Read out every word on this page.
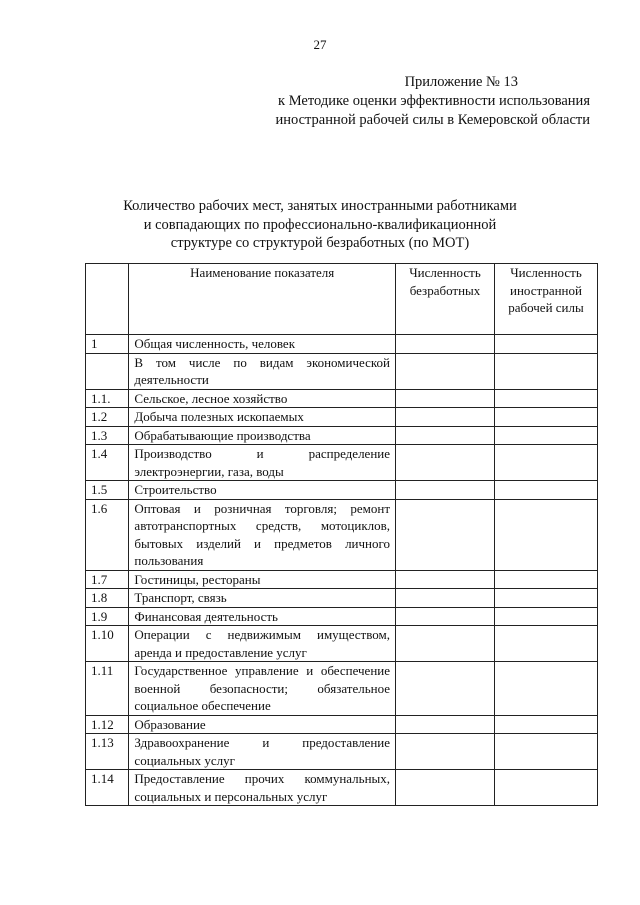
27
Приложение № 13
к Методике оценки эффективности использования
иностранной рабочей силы в Кемеровской области
Количество рабочих мест, занятых иностранными работниками
и совпадающих по профессионально-квалификационной
структуре со структурой безработных (по МОТ)
	Наименование показателя	Численность безработных	Численность иностранной рабочей силы
1	Общая численность, человек		
	В том числе по видам экономической деятельности		
1.1.	Сельское, лесное хозяйство		
1.2	Добыча полезных ископаемых		
1.3	Обрабатывающие производства		
1.4	Производство и распределение электроэнергии, газа, воды		
1.5	Строительство		
1.6	Оптовая и розничная торговля; ремонт автотранспортных средств, мотоциклов, бытовых изделий и предметов личного пользования		
1.7	Гостиницы, рестораны		
1.8	Транспорт, связь		
1.9	Финансовая деятельность		
1.10	Операции с недвижимым имуществом, аренда и предоставление услуг		
1.11	Государственное управление и обеспечение военной безопасности; обязательное социальное обеспечение		
1.12	Образование		
1.13	Здравоохранение и предоставление социальных услуг		
1.14	Предоставление прочих коммунальных, социальных и персональных услуг		
